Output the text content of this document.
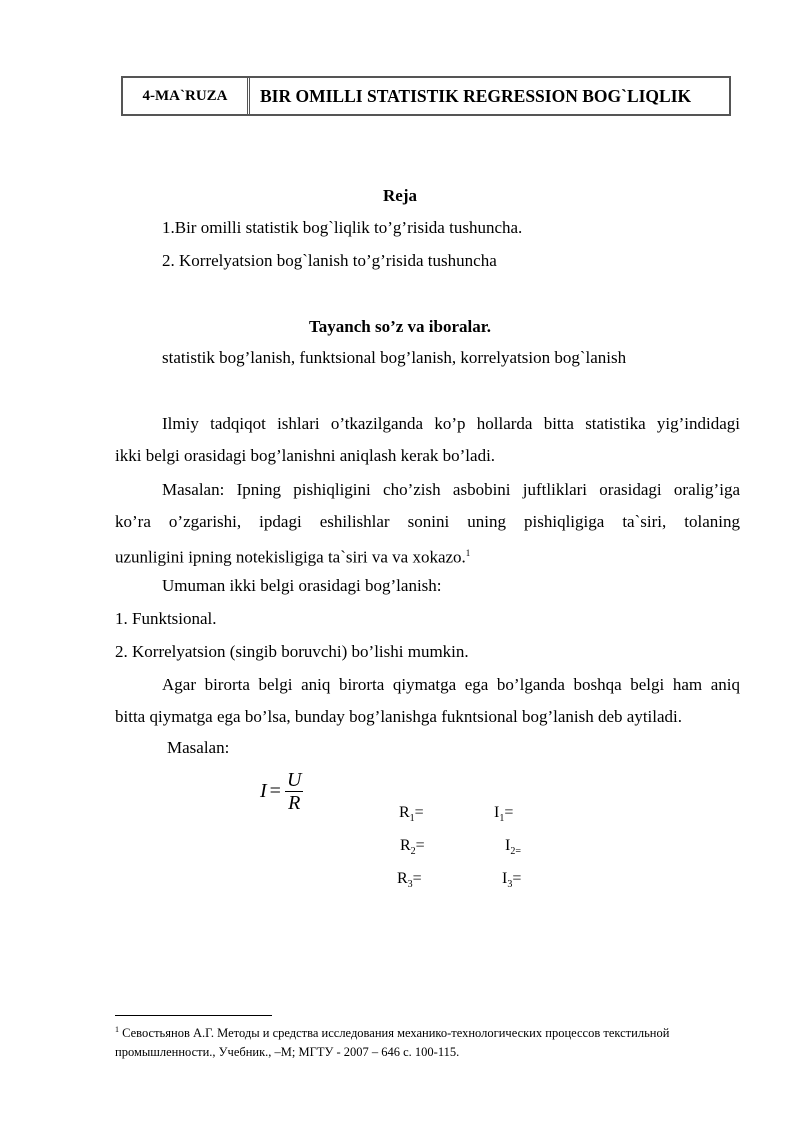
4-MA`RUZA	BIR OMILLI STATISTIK REGRESSION BOG`LIQLIK
Reja
1.Bir omilli statistik bog`liqlik to’g’risida tushuncha.
2. Korrelyatsion bog`lanish to’g’risida tushuncha
Tayanch so’z va iboralar.
statistik bog’lanish, funktsional bog’lanish, korrelyatsion bog`lanish
Ilmiy tadqiqot ishlari o’tkazilganda ko’p hollarda bitta statistika yig’indidagi
ikki belgi orasidagi bog’lanishni aniqlash kerak bo’ladi.
Masalan: Ipning pishiqligini cho’zish asbobini juftliklari orasidagi oralig’iga
ko’ra o’zgarishi, ipdagi eshilishlar sonini uning pishiqligiga ta`siri, tolaning
uzunligini ipning notekisligiga ta`siri va va xokazo.$^1$
Umuman ikki belgi orasidagi bog’lanish:
1. Funktsional.
2. Korrelyatsion (singib boruvchi) bo’lishi mumkin.
Agar birorta belgi aniq birorta qiymatga ega bo’lganda boshqa belgi ham aniq
bitta qiymatga ega bo’lsa, bunday bog’lanishga fukntsional bog’lanish deb aytiladi.
Masalan:
$I = \frac{U}{R}$	$R_1=$	$I_1=$
$R_2=$	$I_{2=}$
$R_3=$	$I_3=$
$^1$ Севостьянов А.Г. Методы и средства исследования механико-технологических процессов текстильной промышленности., Учебник., –М; МГТУ - 2007 – 646 с. 100-115.
